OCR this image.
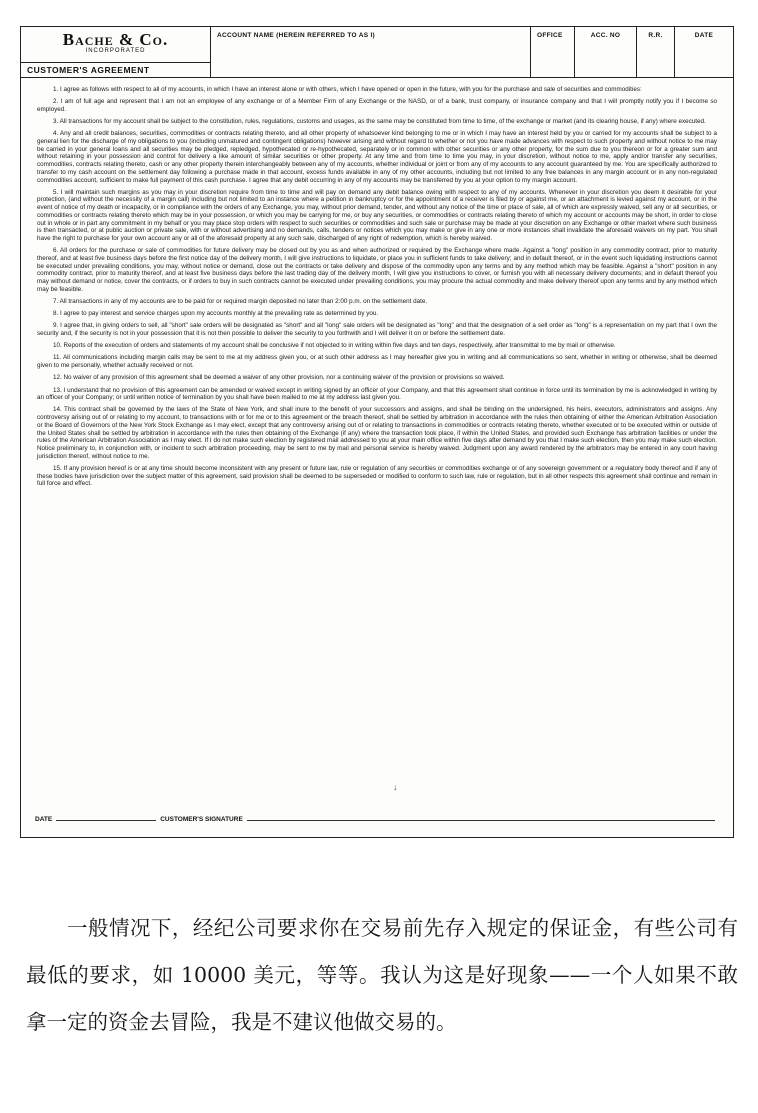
Bache & Co.
INCORPORATED
CUSTOMER'S AGREEMENT
ACCOUNT NAME (HEREIN REFERRED TO AS I)	OFFICE	ACC. NO	R.R.	DATE

1. I agree as follows with respect to all of my accounts, in which I have an interest alone or with others, which I have opened or open in the future, with you for the purchase and sale of securities and commodities:

2. I am of full age and represent that I am not an employee of any exchange or of a Member Firm of any Exchange or the NASD, or of a bank, trust company, or insurance company and that I will promptly notify you if I become so employed.

3. All transactions for my account shall be subject to the constitution, rules, regulations, customs and usages, as the same may be constituted from time to time, of the exchange or market (and its clearing house, if any) where executed.

4. Any and all credit balances, securities, commodities or contracts relating thereto, and all other property of whatsoever kind belonging to me or in which I may have an interest held by you or carried for my accounts shall be subject to a general lien for the discharge of my obligations to you (including unmatured and contingent obligations) however arising and without regard to whether or not you have made advances with respect to such property and without notice to me may be carried in your general loans and all securities may be pledged, repledged, hypothecated or re-hypothecated, separately or in common with other securities or any other property, for the sum due to you thereon or for a greater sum and without retaining in your possession and control for delivery a like amount of similar securities or other property. At any time and from time to time you may, in your discretion, without notice to me, apply and/or transfer any securities, commodities, contracts relating thereto, cash or any other property therein interchangeably between any of my accounts, whether individual or joint or from any of my accounts to any account guaranteed by me. You are specifically authorized to transfer to my cash account on the settlement day following a purchase made in that account, excess funds available in any of my other accounts, including but not limited to any free balances in any margin account or in any non-regulated commodities account, sufficient to make full payment of this cash purchase. I agree that any debit occurring in any of my accounts may be transferred by you at your option to my margin account.

5. I will maintain such margins as you may in your discretion require from time to time and will pay on demand any debit balance owing with respect to any of my accounts. Whenever in your discretion you deem it desirable for your protection, (and without the necessity of a margin call) including but not limited to an instance where a petition in bankruptcy or for the appointment of a receiver is filed by or against me, or an attachment is levied against my account, or in the event of notice of my death or incapacity, or in compliance with the orders of any Exchange, you may, without prior demand, tender, and without any notice of the time or place of sale, all of which are expressly waived, sell any or all securities, or commodities or contracts relating thereto which may be in your possession, or which you may be carrying for me, or buy any securities, or commodities or contracts relating thereto of which my account or accounts may be short, in order to close out in whole or in part any commitment in my behalf or you may place stop orders with respect to such securities or commodities and such sale or purchase may be made at your discretion on any Exchange or other market where such business is then transacted, or at public auction or private sale, with or without advertising and no demands, calls, tenders or notices which you may make or give in any one or more instances shall invalidate the aforesaid waivers on my part. You shall have the right to purchase for your own account any or all of the aforesaid property at any such sale, discharged of any right of redemption, which is hereby waived.

6. All orders for the purchase or sale of commodities for future delivery may be closed out by you as and when authorized or required by the Exchange where made. Against a "long" position in any commodity contract, prior to maturity thereof, and at least five business days before the first notice day of the delivery month, I will give instructions to liquidate, or place you in sufficient funds to take delivery; and in default thereof, or in the event such liquidating instructions cannot be executed under prevailing conditions, you may, without notice or demand, close out the contracts or take delivery and dispose of the commodity upon any terms and by any method which may be feasible. Against a "short" position in any commodity contract, prior to maturity thereof, and at least five business days before the last trading day of the delivery month, I will give you instructions to cover, or furnish you with all necessary delivery documents; and in default thereof you may without demand or notice, cover the contracts, or if orders to buy in such contracts cannot be executed under prevailing conditions, you may procure the actual commodity and make delivery thereof upon any terms and by any method which may be feasible.

7. All transactions in any of my accounts are to be paid for or required margin deposited no later than 2:00 p.m. on the settlement date.

8. I agree to pay interest and service charges upon my accounts monthly at the prevailing rate as determined by you.

9. I agree that, in giving orders to sell, all "short" sale orders will be designated as "short" and all "long" sale orders will be designated as "long" and that the designation of a sell order as "long" is a representation on my part that I own the security and, if the security is not in your possession that it is not then possible to deliver the security to you forthwith and I will deliver it on or before the settlement date.

10. Reports of the execution of orders and statements of my account shall be conclusive if not objected to in writing within five days and ten days, respectively, after transmittal to me by mail or otherwise.

11. All communications including margin calls may be sent to me at my address given you, or at such other address as I may hereafter give you in writing and all communications so sent, whether in writing or otherwise, shall be deemed given to me personally, whether actually received or not.

12. No waiver of any provision of this agreement shall be deemed a waiver of any other provision, nor a continuing waiver of the provision or provisions so waived.

13. I understand that no provision of this agreement can be amended or waived except in writing signed by an officer of your Company, and that this agreement shall continue in force until its termination by me is acknowledged in writing by an officer of your Company; or until written notice of termination by you shall have been mailed to me at my address last given you.

14. This contract shall be governed by the laws of the State of New York, and shall inure to the benefit of your successors and assigns, and shall be binding on the undersigned, his heirs, executors, administrators and assigns. Any controversy arising out of or relating to my account, to transactions with or for me or to this agreement or the breach thereof, shall be settled by arbitration in accordance with the rules then obtaining of either the American Arbitration Association or the Board of Governors of the New York Stock Exchange as I may elect, except that any controversy arising out of or relating to transactions in commodities or contracts relating thereto, whether executed or to be executed within or outside of the United States shall be settled by arbitration in accordance with the rules then obtaining of the Exchange (if any) where the transaction took place, if within the United States, and provided such Exchange has arbitration facilities or under the rules of the American Arbitration Association as I may elect. If I do not make such election by registered mail addressed to you at your main office within five days after demand by you that I make such election, then you may make such election. Notice preliminary to, in conjunction with, or incident to such arbitration proceeding, may be sent to me by mail and personal service is hereby waived. Judgment upon any award rendered by the arbitrators may be entered in any court having jurisdiction thereof, without notice to me.

15. If any provision hereof is or at any time should become inconsistent with any present or future law, rule or regulation of any securities or commodities exchange or of any sovereign government or a regulatory body thereof and if any of these bodies have jurisdiction over the subject matter of this agreement, said provision shall be deemed to be superseded or modified to conform to such law, rule or regulation, but in all other respects this agreement shall continue and remain in full force and effect.

↓
DATE	CUSTOMER'S SIGNATURE

一般情况下，经纪公司要求你在交易前先存入规定的保证金，有些公司有最低的要求，如 10000 美元，等等。我认为这是好现象——一个人如果不敢拿一定的资金去冒险，我是不建议他做交易的。
